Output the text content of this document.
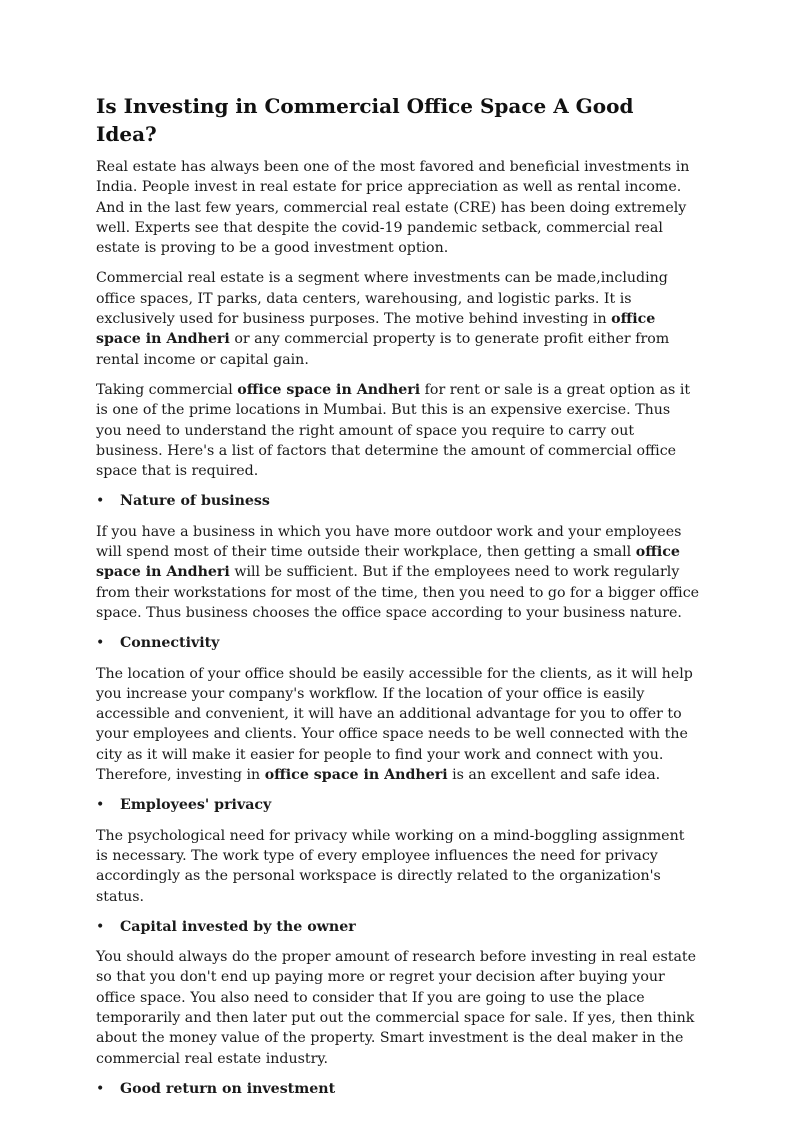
Is Investing in Commercial Office Space A Good Idea?

Real estate has always been one of the most favored and beneficial investments in India. People invest in real estate for price appreciation as well as rental income. And in the last few years, commercial real estate (CRE) has been doing extremely well. Experts see that despite the covid-19 pandemic setback, commercial real estate is proving to be a good investment option.

Commercial real estate is a segment where investments can be made,including office spaces, IT parks, data centers, warehousing, and logistic parks. It is exclusively used for business purposes. The motive behind investing in office space in Andheri or any commercial property is to generate profit either from rental income or capital gain.

Taking commercial office space in Andheri for rent or sale is a great option as it is one of the prime locations in Mumbai. But this is an expensive exercise. Thus you need to understand the right amount of space you require to carry out business. Here's a list of factors that determine the amount of commercial office space that is required.

• Nature of business

If you have a business in which you have more outdoor work and your employees will spend most of their time outside their workplace, then getting a small office space in Andheri will be sufficient. But if the employees need to work regularly from their workstations for most of the time, then you need to go for a bigger office space. Thus business chooses the office space according to your business nature.

• Connectivity

The location of your office should be easily accessible for the clients, as it will help you increase your company's workflow. If the location of your office is easily accessible and convenient, it will have an additional advantage for you to offer to your employees and clients. Your office space needs to be well connected with the city as it will make it easier for people to find your work and connect with you. Therefore, investing in office space in Andheri is an excellent and safe idea.

• Employees' privacy

The psychological need for privacy while working on a mind-boggling assignment is necessary. The work type of every employee influences the need for privacy accordingly as the personal workspace is directly related to the organization's status.

• Capital invested by the owner

You should always do the proper amount of research before investing in real estate so that you don't end up paying more or regret your decision after buying your office space. You also need to consider that If you are going to use the place temporarily and then later put out the commercial space for sale. If yes, then think about the money value of the property. Smart investment is the deal maker in the commercial real estate industry.

• Good return on investment
